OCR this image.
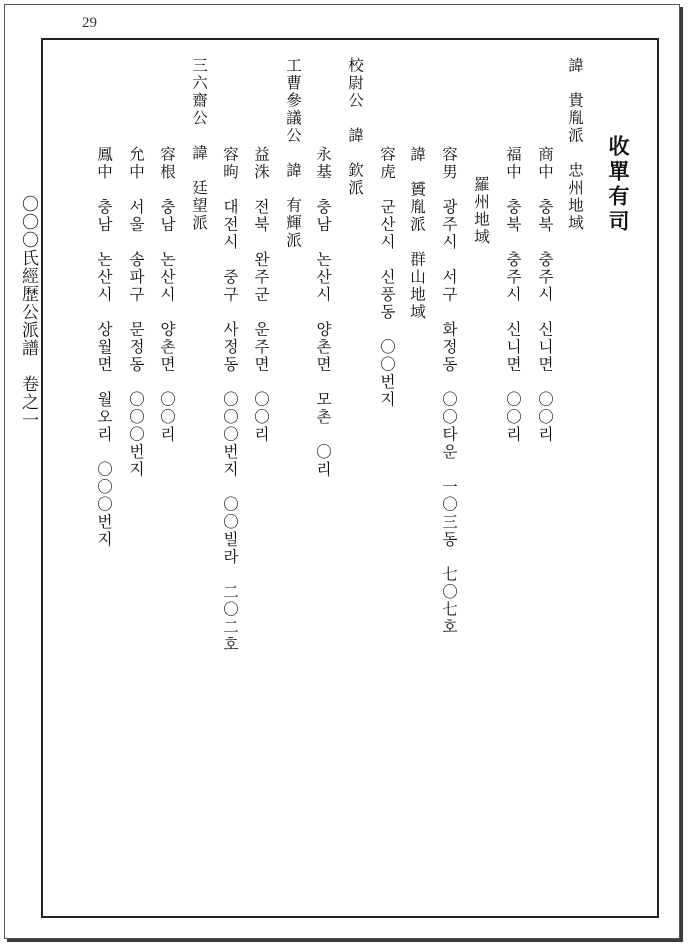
29
〇〇〇氏經歷公派譜　卷之一
收單有司
諱　貴胤派　忠州地域
商中　충북　충주시　신니면　〇〇리
福中　충북　충주시　신니면　〇〇리
羅州地域
容男　광주시　서구　화정동　〇〇타운　一〇三동　七〇七호
諱　贇胤派　群山地域
容虎　군산시　신풍동　〇〇번지
校尉公　諱　欽派
永基　충남　논산시　양촌면　모촌　〇리
工曹參議公　諱　有輝派
益洙　전북　완주군　운주면　〇〇리
容昫　대전시　중구　사정동　〇〇〇번지　〇〇빌라　二〇二호
三六齋公　諱　廷望派
容根　충남　논산시　양촌면　〇〇리
允中　서울　송파구　문정동　〇〇〇번지
鳳中　충남　논산시　상월면　월오리　〇〇〇번지
